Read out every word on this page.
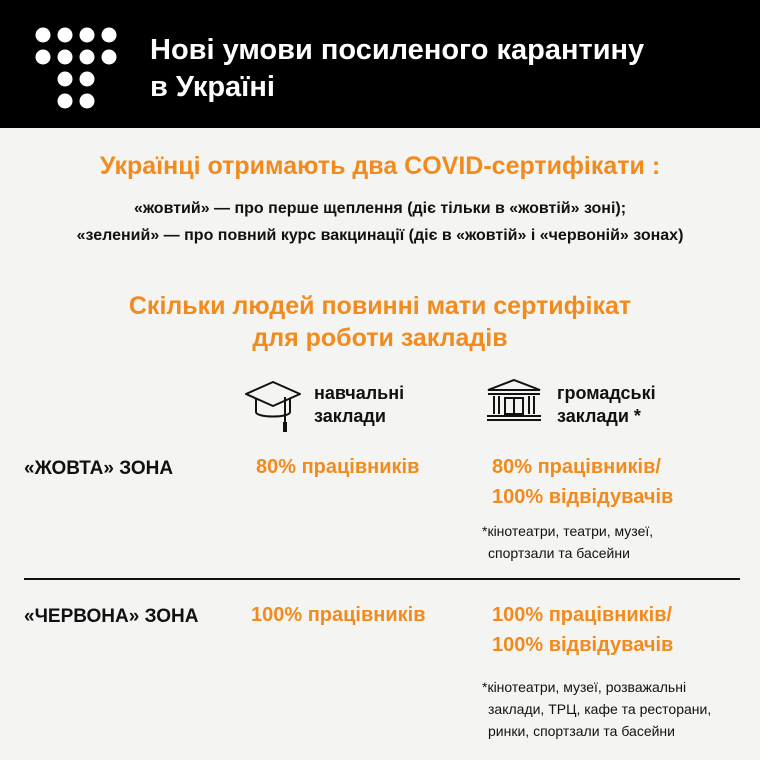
Нові умови посиленого карантину
в Україні
Українці отримають два COVID-сертифікати :
«жовтий» — про перше щеплення (діє тільки в «жовтій» зоні);
«зелений» — про повний курс вакцинації (діє в «жовтій» і «червоній» зонах)
Скільки людей повинні мати сертифікат
для роботи закладів
навчальні
заклади
громадські
заклади *
«ЖОВТА» ЗОНА	80% працівників	80% працівників/
100% відвідувачів
*кінотеатри, театри, музеї,
спортзали та басейни
«ЧЕРВОНА» ЗОНА	100% працівників	100% працівників/
100% відвідувачів
*кінотеатри, музеї, розважальні
заклади, ТРЦ, кафе та ресторани,
ринки, спортзали та басейни
